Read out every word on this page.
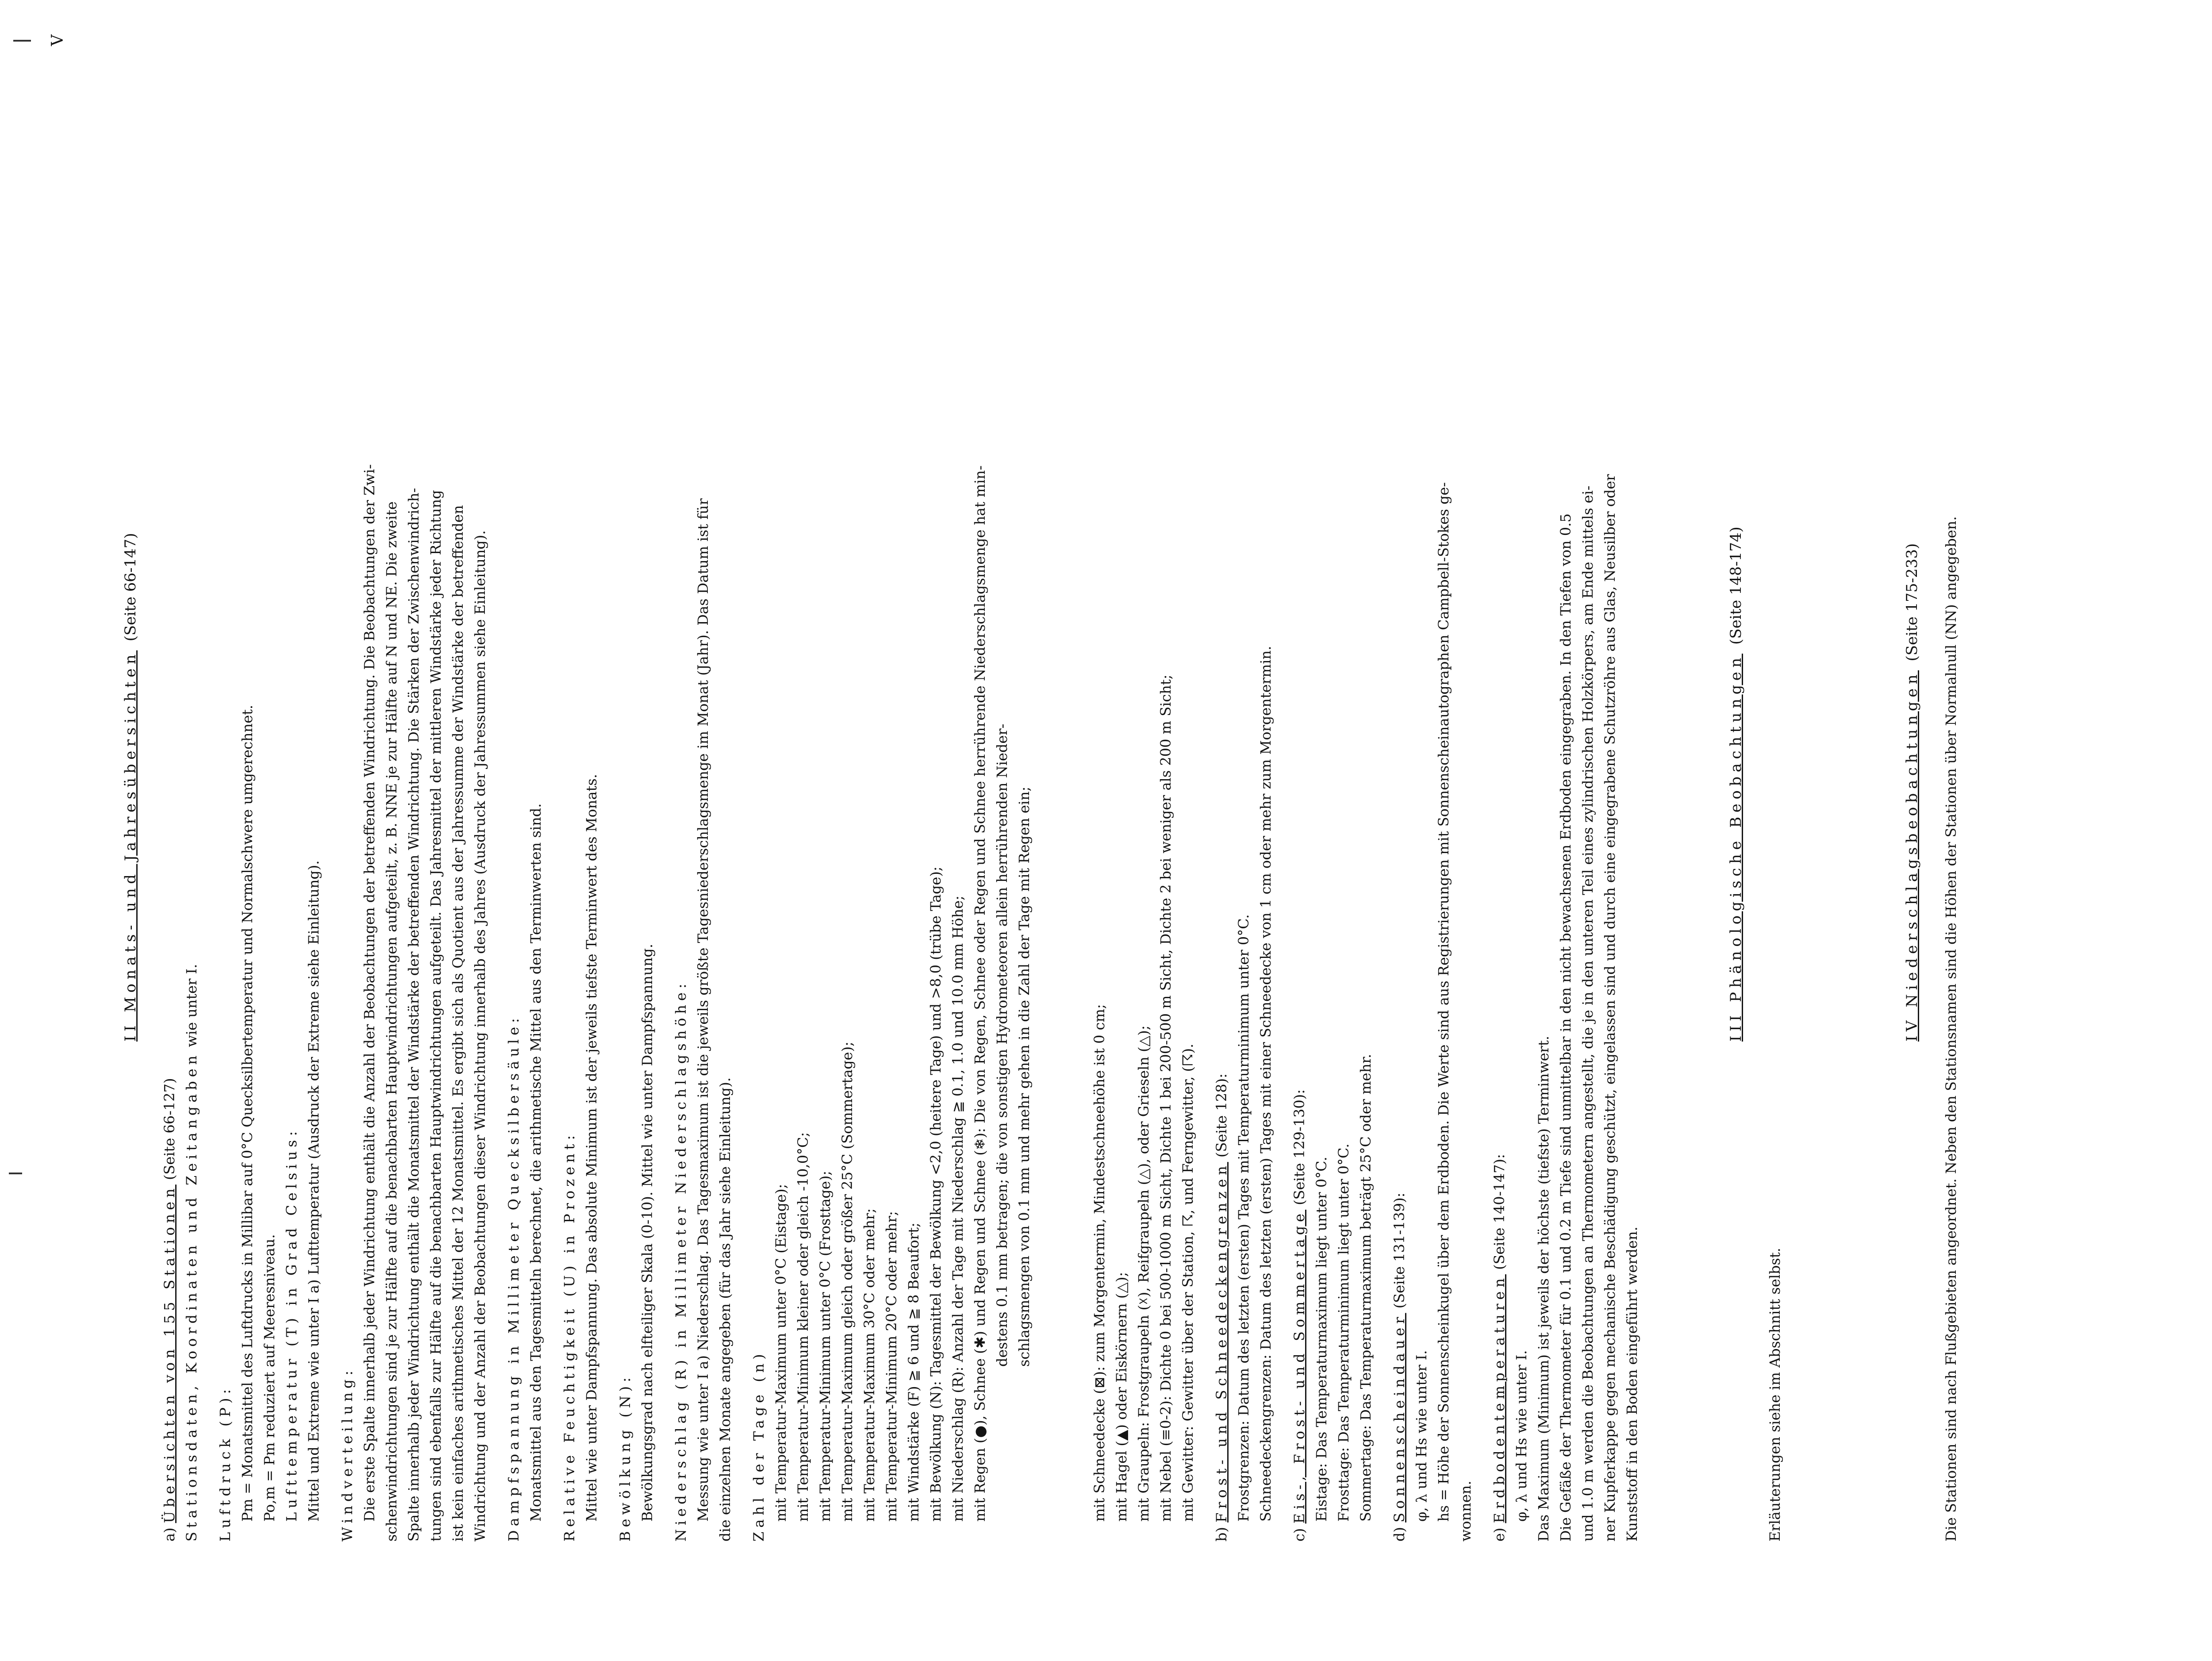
V

II Monats- und Jahresübersichten (Seite 66-147)

a) Übersichten von 155 Stationen (Seite 66-127) Stationsdaten, Koordinaten und Zeitangaben wie unter I.

Luftdruck (P): Pm = Monatsmittel des Luftdrucks in Millibar auf 0°C Quecksilbertemperatur und Normalschwere umgerechnet. Po,m = Pm reduziert auf Meeresniveau. Lufttemperatur (T) in Grad Celsius: Mittel und Extreme wie unter I a) Lufttemperatur (Ausdruck der Extreme siehe Einleitung). Windverteilung: Die erste Spalte innerhalb jeder Windrichtung enthält die Anzahl der Beobachtungen der betreffenden Windrichtung. Die Beobachtungen der Zwi- schenwindrichtungen sind je zur Hälfte auf die benachbarten Hauptwindrichtungen aufgeteilt, z. B. NNE je zur Hälfte auf N und NE. Die zweite Spalte innerhalb jeder Windrichtung enthält die Monatsmittel der Windstärke der betreffenden Windrichtung. Die Stärken der Zwischenwindrich- tungen sind ebenfalls zur Hälfte auf die benachbarten Hauptwindrichtungen aufgeteilt. Das Jahresmittel der mittleren Windstärke jeder Richtung ist kein einfaches arithmetisches Mittel der 12 Monatsmittel. Es ergibt sich als Quotient aus der Jahressumme der Windstärke der betreffenden Windrichtung und der Anzahl der Beobachtungen dieser Windrichtung innerhalb des Jahres (Ausdruck der Jahressummen siehe Einleitung). Dampfspannung in Millimeter Quecksilbersäule: Monatsmittel aus den Tagesmitteln berechnet, die arithmetische Mittel aus den Terminwerten sind. Relative Feuchtigkeit (U) in Prozent: Mittel wie unter Dampfspannung. Das absolute Minimum ist der jeweils tiefste Terminwert des Monats. Bewölkung (N): Bewölkungsgrad nach elfteiliger Skala (0-10). Mittel wie unter Dampfspannung. Niederschlag (R) in Millimeter Niederschlagshöhe: Messung wie unter I a) Niederschlag. Das Tagesmaximum ist die jeweils größte Tagesniederschlagsmenge im Monat (Jahr). Das Datum ist für die einzelnen Monate angegeben (für das Jahr siehe Einleitung). Zahl der Tage (n) mit Temperatur-Maximum unter 0°C (Eistage); mit Temperatur-Minimum kleiner oder gleich -10,0°C; mit Temperatur-Minimum unter 0°C (Frosttage); mit Temperatur-Maximum gleich oder größer 25°C (Sommertage); mit Temperatur-Maximum 30°C oder mehr; mit Temperatur-Minimum 20°C oder mehr; mit Windstärke (F) ≧ 6 und ≧ 8 Beaufort; mit Bewölkung (N): Tagesmittel der Bewölkung <2,0 (heitere Tage) und >8,0 (trübe Tage); mit Niederschlag (R): Anzahl der Tage mit Niederschlag ≧ 0.1, 1.0 und 10.0 mm Höhe; mit Regen (●), Schnee (✱) und Regen und Schnee (❄): Die von Regen, Schnee oder Regen und Schnee herrührende Niederschlagsmenge hat min- destens 0.1 mm betragen; die von sonstigen Hydrometeoren allein herrührenden Nieder- schlagsmengen von 0.1 mm und mehr gehen in die Zahl der Tage mit Regen ein;	mit Schneedecke (⊠): zum Morgentermin, Mindestschneehöhe ist 0 cm; mit Hagel (▲) oder Eiskörnern (△); mit Graupeln: Frostgraupeln (☓), Reifgraupeln (△), oder Grieseln (△); mit Nebel (≡0-2): Dichte 0 bei 500-1000 m Sicht, Dichte 1 bei 200-500 m Sicht, Dichte 2 bei weniger als 200 m Sicht; mit Gewitter: Gewitter über der Station, ☈, und Ferngewitter, (☈).

b) Frost- und Schneedeckengrenzen (Seite 128): Frostgrenzen: Datum des letzten (ersten) Tages mit Temperaturminimum unter 0°C. Schneedeckengrenzen: Datum des letzten (ersten) Tages mit einer Schneedecke von 1 cm oder mehr zum Morgentermin.

c) Eis-, Frost- und Sommertage (Seite 129-130):

Eistage: Das Temperaturmaximum liegt unter 0°C. Frosttage: Das Temperaturminimum liegt unter 0°C. Sommertage: Das Temperaturmaximum beträgt 25°C oder mehr.

d) Sonnenscheindauer (Seite 131-139):

φ, λ und Hs wie unter I. hs = Höhe der Sonnenscheinkugel über dem Erdboden. Die Werte sind aus Registrierungen mit Sonnenscheinautographen Campbell-Stokes ge- wonnen. e) Erdbodentemperaturen (Seite 140-147):

φ, λ und Hs wie unter I. Das Maximum (Minimum) ist jeweils der höchste (tiefste) Terminwert. Die Gefäße der Thermometer für 0.1 und 0.2 m Tiefe sind unmittelbar in den nicht bewachsenen Erdboden eingegraben. In den Tiefen von 0.5 und 1.0 m werden die Beobachtungen an Thermometern angestellt, die je in den unteren Teil eines zylindrischen Holzkörpers, am Ende mittels ei- ner Kupferkappe gegen mechanische Beschädigung geschützt, eingelassen sind und durch eine eingegrabene Schutzröhre aus Glas, Neusilber oder Kunststoff in den Boden eingeführt werden.

III Phänologische Beobachtungen (Seite 148-174)

Erläuterungen siehe im Abschnitt selbst.

IV Niederschlagsbeobachtungen (Seite 175-233) Die Stationen sind nach Flußgebieten angeordnet. Neben den Stationsnamen sind die Höhen der Stationen über Normalnull (NN) angegeben.
